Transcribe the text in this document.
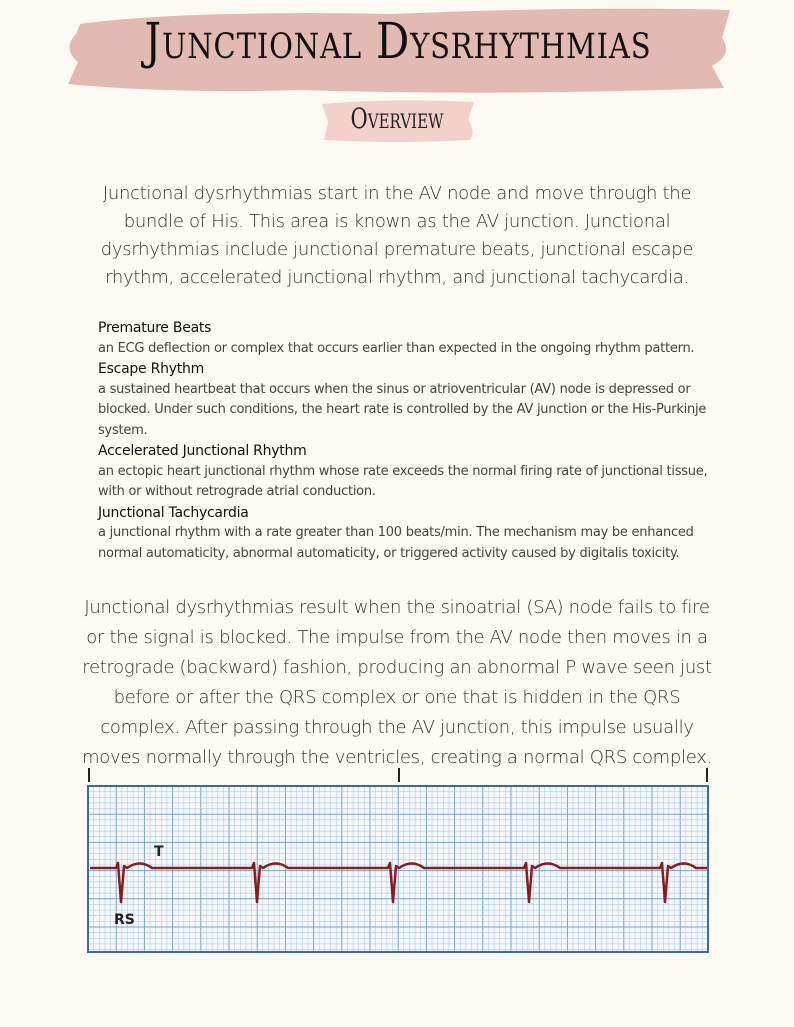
Junctional Dysrhythmias
Overview
Junctional dysrhythmias start in the AV node and move through the bundle of His. This area is known as the AV junction. Junctional dysrhythmias include junctional premature beats, junctional escape rhythm, accelerated junctional rhythm, and junctional tachycardia.
Premature Beats
an ECG deflection or complex that occurs earlier than expected in the ongoing rhythm pattern.
Escape Rhythm
a sustained heartbeat that occurs when the sinus or atrioventricular (AV) node is depressed or blocked. Under such conditions, the heart rate is controlled by the AV junction or the His-Purkinje system.
Accelerated Junctional Rhythm
an ectopic heart junctional rhythm whose rate exceeds the normal firing rate of junctional tissue, with or without retrograde atrial conduction.
Junctional Tachycardia
a junctional rhythm with a rate greater than 100 beats/min. The mechanism may be enhanced normal automaticity, abnormal automaticity, or triggered activity caused by digitalis toxicity.
Junctional dysrhythmias result when the sinoatrial (SA) node fails to fire or the signal is blocked. The impulse from the AV node then moves in a retrograde (backward) fashion, producing an abnormal P wave seen just before or after the QRS complex or one that is hidden in the QRS complex. After passing through the AV junction, this impulse usually moves normally through the ventricles, creating a normal QRS complex.
T
RS
